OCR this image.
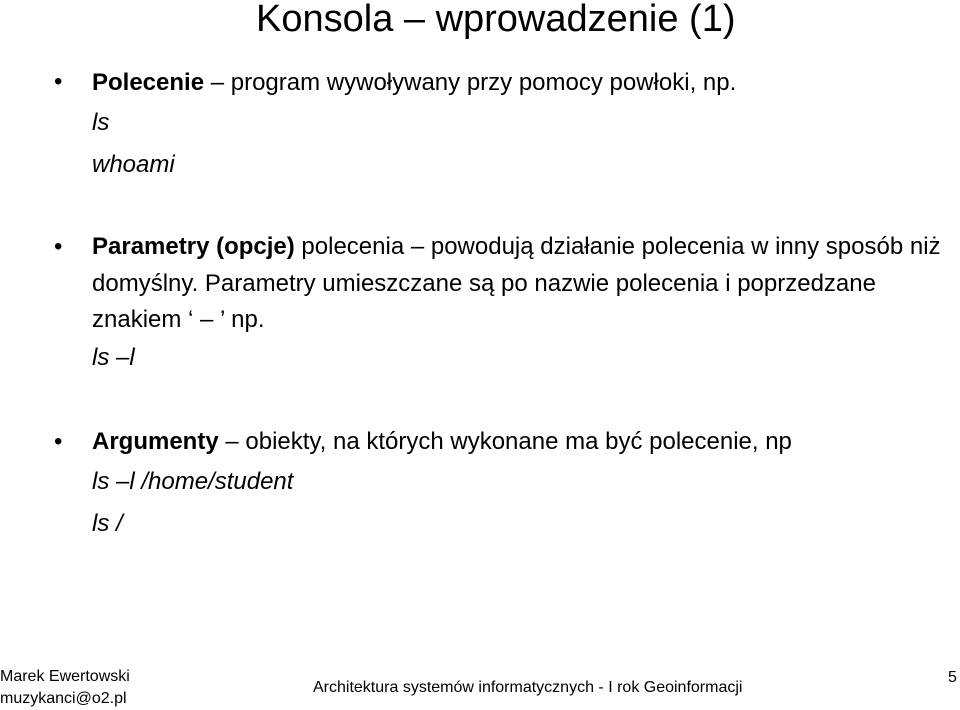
Konsola – wprowadzenie (1)
• Polecenie – program wywoływany przy pomocy powłoki, np.
ls
whoami
• Parametry (opcje) polecenia – powodują działanie polecenia w inny sposób niż domyślny. Parametry umieszczane są po nazwie polecenia i poprzedzane znakiem ‘ – ’ np.
ls –l
• Argumenty – obiekty, na których wykonane ma być polecenie, np
ls –l /home/student
ls /
Marek Ewertowski
muzykanci@o2.pl
Architektura systemów informatycznych - I rok Geoinformacji
5
